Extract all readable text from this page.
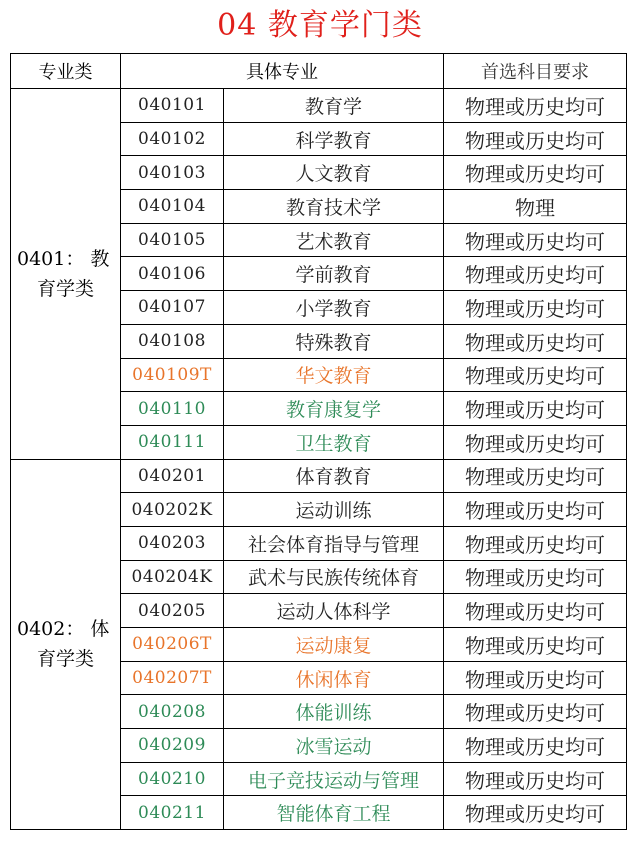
04 教育学门类
专业类	具体专业		首选科目要求
0401： 教
育学类	040101	教育学	物理或历史均可
	040102	科学教育	物理或历史均可
	040103	人文教育	物理或历史均可
	040104	教育技术学	物理
	040105	艺术教育	物理或历史均可
	040106	学前教育	物理或历史均可
	040107	小学教育	物理或历史均可
	040108	特殊教育	物理或历史均可
	040109T	华文教育	物理或历史均可
	040110	教育康复学	物理或历史均可
	040111	卫生教育	物理或历史均可
0402： 体
育学类	040201	体育教育	物理或历史均可
	040202K	运动训练	物理或历史均可
	040203	社会体育指导与管理	物理或历史均可
	040204K	武术与民族传统体育	物理或历史均可
	040205	运动人体科学	物理或历史均可
	040206T	运动康复	物理或历史均可
	040207T	休闲体育	物理或历史均可
	040208	体能训练	物理或历史均可
	040209	冰雪运动	物理或历史均可
	040210	电子竞技运动与管理	物理或历史均可
	040211	智能体育工程	物理或历史均可
